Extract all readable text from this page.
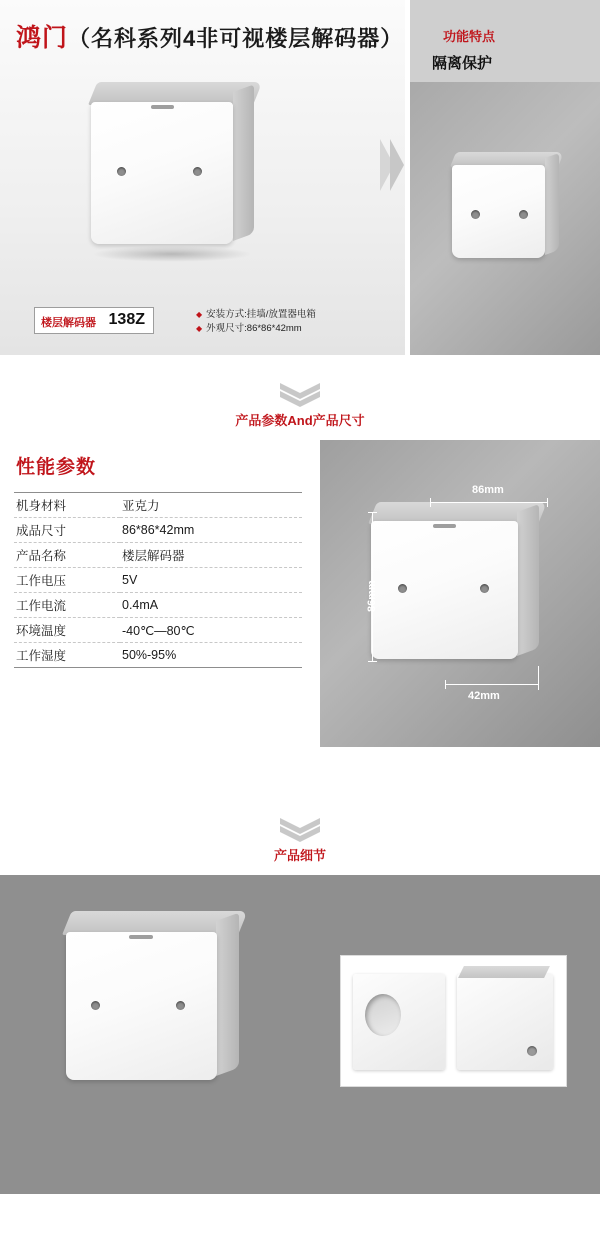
鸿门（名科系列4非可视楼层解码器）	功能特点
隔离保护
楼层解码器 138Z	◆ 安装方式:挂墙/放置器电箱
◆ 外观尺寸:86*86*42mm
产品参数And产品尺寸
性能参数
机身材料	亚克力
成品尺寸	86*86*42mm
产品名称	楼层解码器
工作电压	5V
工作电流	0.4mA
环境温度	-40℃—80℃
工作湿度	50%-95%
86mm
86mm
42mm
产品细节
